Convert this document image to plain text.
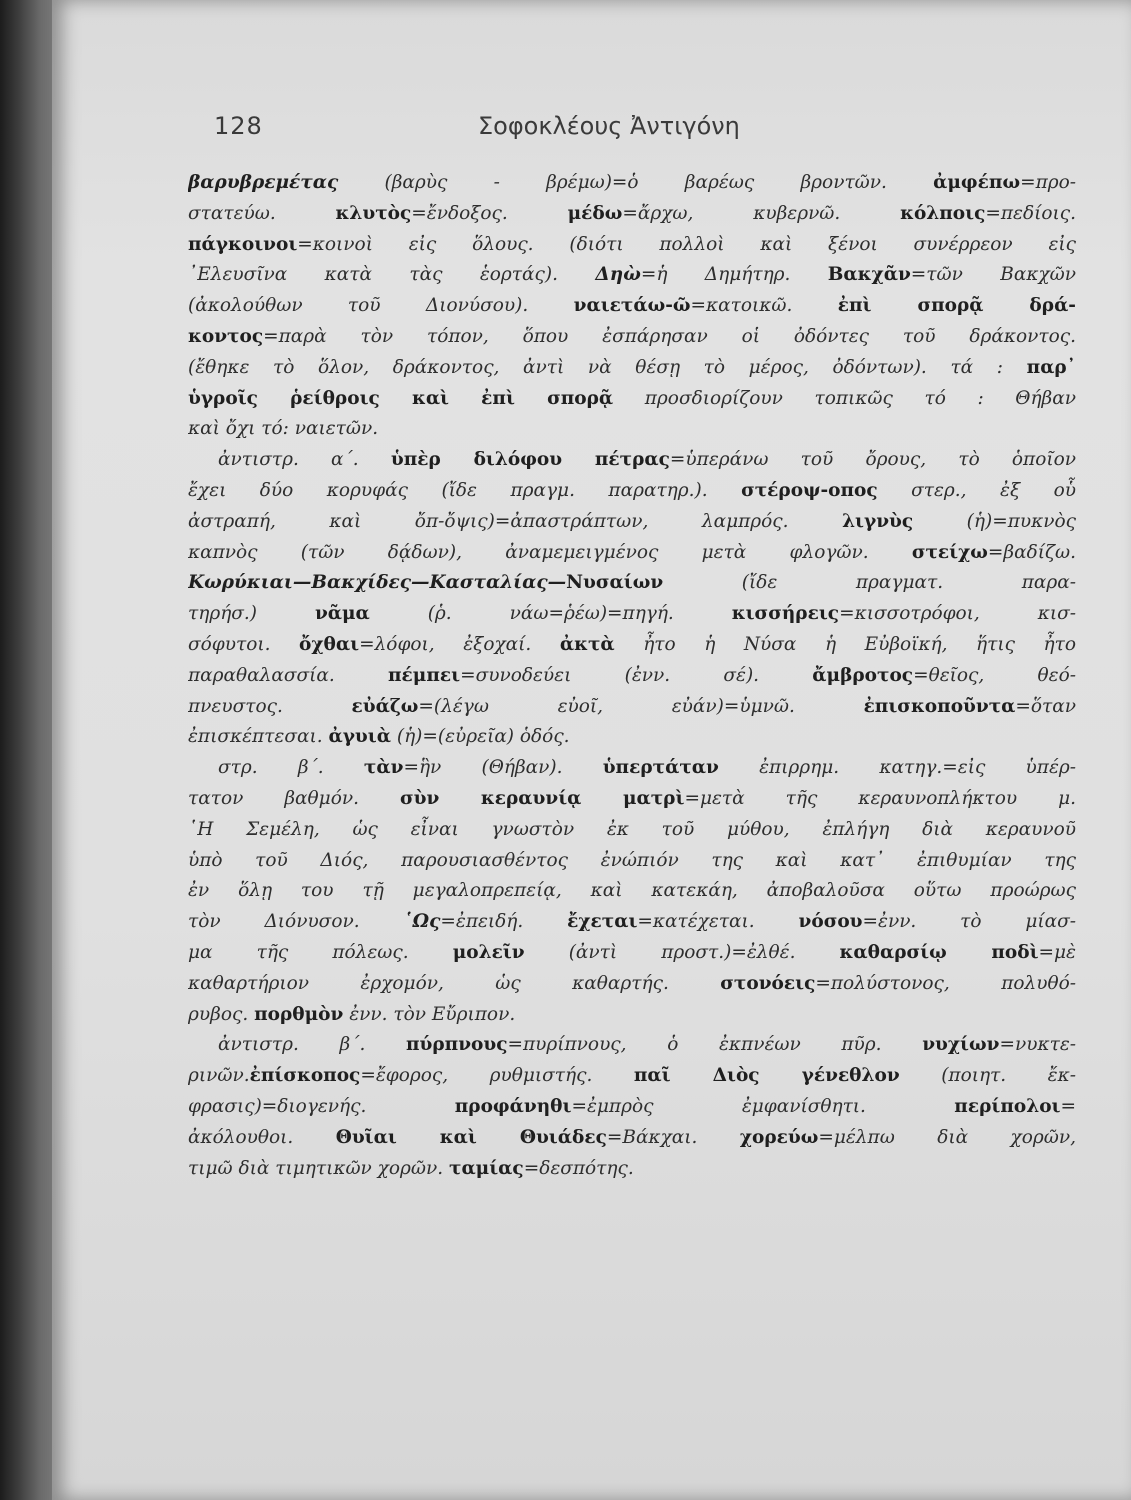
128	Σοφοκλέους Ἀντιγόνη
βαρυβρεμέτας (βαρὺς - βρέμω)=ὁ βαρέως βροντῶν. ἀμφέπω=προ-
στατεύω. κλυτὸς=ἔνδοξος. μέδω=ἄρχω, κυβερνῶ. κόλποις=πεδίοις.
πάγκοινοι=κοινοὶ εἰς ὅλους. (διότι πολλοὶ καὶ ξένοι συνέρρεον εἰς
᾿Ελευσῖνα κατὰ τὰς ἑορτάς). Δηὼ=ἡ Δημήτηρ. Βακχᾶν=τῶν Βακχῶν
(ἀκολούθων τοῦ Διονύσου). ναιετάω-ῶ=κατοικῶ. ἐπὶ σπορᾷ δρά-
κοντος=παρὰ τὸν τόπον, ὅπου ἐσπάρησαν οἱ ὀδόντες τοῦ δράκοντος.
(ἔθηκε τὸ ὅλον, δράκοντος, ἀντὶ νὰ θέσῃ τὸ μέρος, ὀδόντων). τά : παρ᾿
ὑγροῖς ῥείθροις καὶ ἐπὶ σπορᾷ προσδιορίζουν τοπικῶς τό : Θήβαν
καὶ ὄχι τό: ναιετῶν.
ἀντιστρ. α΄. ὑπὲρ διλόφου πέτρας=ὑπεράνω τοῦ ὄρους, τὸ ὁποῖον
ἔχει δύο κορυφάς (ἴδε πραγμ. παρατηρ.). στέροψ-οπος στερ., ἐξ οὗ
ἀστραπή, καὶ ὄπ-ὄψις)=ἀπαστράπτων, λαμπρός. λιγνὺς (ἡ)=πυκνὸς
καπνὸς (τῶν δᾴδων), ἀναμεμειγμένος μετὰ φλογῶν. στείχω=βαδίζω.
Κωρύκιαι—Βακχίδες—Κασταλίας—Νυσαίων (ἴδε πραγματ. παρα-
τηρήσ.) νᾶμα (ῥ. νάω=ῥέω)=πηγή. κισσήρεις=κισσοτρόφοι, κισ-
σόφυτοι. ὄχθαι=λόφοι, ἐξοχαί. ἀκτὰ ἦτο ἡ Νύσα ἡ Εὐβοϊκή, ἥτις ἦτο
παραθαλασσία. πέμπει=συνοδεύει (ἐνν. σέ). ἄμβροτος=θεῖος, θεό-
πνευστος. εὐάζω=(λέγω εὐοῖ, εὐάν)=ὑμνῶ. ἐπισκοποῦντα=ὅταν
ἐπισκέπτεσαι. ἀγυιὰ (ἡ)=(εὐρεῖα) ὁδός.
στρ. β΄. τὰν=ἣν (Θήβαν). ὑπερτάταν ἐπιρρημ. κατηγ.=εἰς ὑπέρ-
τατον βαθμόν. σὺν κεραυνίᾳ ματρὶ=μετὰ τῆς κεραυνοπλήκτου μ.
῾Η Σεμέλη, ὡς εἶναι γνωστὸν ἐκ τοῦ μύθου, ἐπλήγη διὰ κεραυνοῦ
ὑπὸ τοῦ Διός, παρουσιασθέντος ἐνώπιόν της καὶ κατ᾿ ἐπιθυμίαν της
ἐν ὅλῃ του τῇ μεγαλοπρεπείᾳ, καὶ κατεκάη, ἀποβαλοῦσα οὕτω προώρως
τὸν Διόνυσον. ῾Ως=ἐπειδή. ἔχεται=κατέχεται. νόσου=ἐνν. τὸ μίασ-
μα τῆς πόλεως. μολεῖν (ἀντὶ προστ.)=ἐλθέ. καθαρσίῳ ποδὶ=μὲ
καθαρτήριον ἐρχομόν, ὡς καθαρτής. στονόεις=πολύστονος, πολυθό-
ρυβος. πορθμὸν ἐνν. τὸν Εὔριπον.
ἀντιστρ. β΄. πύρπνους=πυρίπνους, ὁ ἐκπνέων πῦρ. νυχίων=νυκτε-
ρινῶν.ἐπίσκοπος=ἔφορος, ρυθμιστής. παῖ Διὸς γένεθλον (ποιητ. ἔκ-
φρασις)=διογενής. προφάνηθι=ἐμπρὸς ἐμφανίσθητι. περίπολοι=
ἀκόλουθοι. Θυῖαι καὶ Θυιάδες=Βάκχαι. χορεύω=μέλπω διὰ χορῶν,
τιμῶ διὰ τιμητικῶν χορῶν. ταμίας=δεσπότης.
